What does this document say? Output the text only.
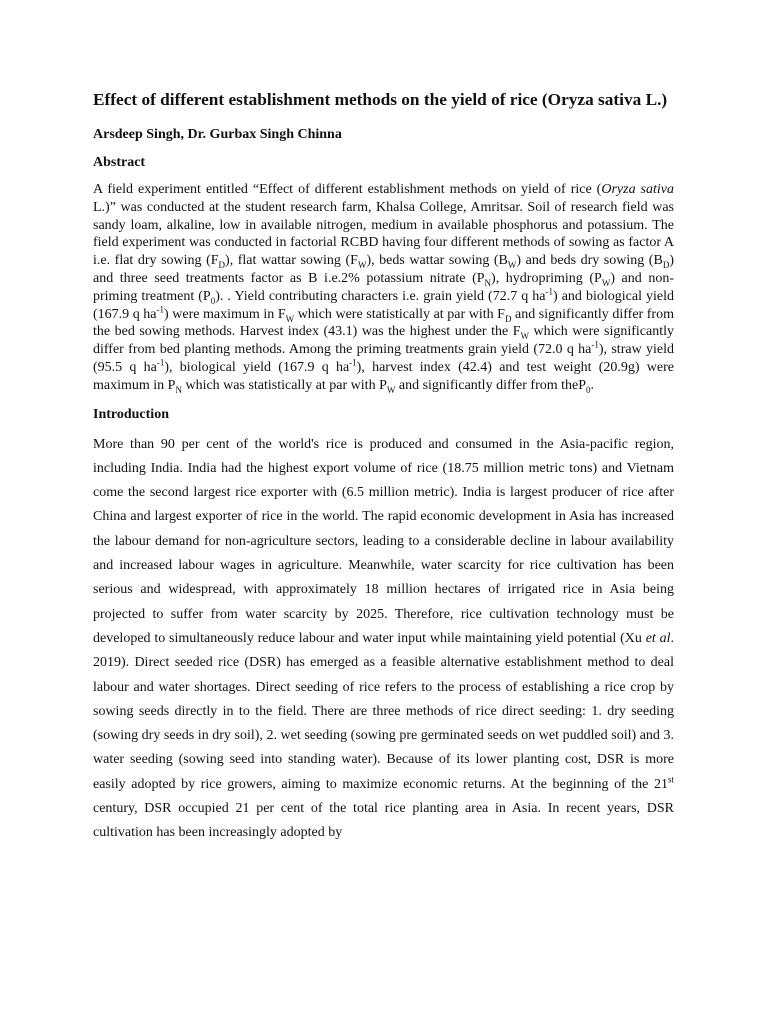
Effect of different establishment methods on the yield of rice (Oryza sativa L.)

Arsdeep Singh, Dr. Gurbax Singh Chinna

Abstract

A field experiment entitled “Effect of different establishment methods on yield of rice (Oryza sativa L.)” was conducted at the student research farm, Khalsa College, Amritsar. Soil of research field was sandy loam, alkaline, low in available nitrogen, medium in available phosphorus and potassium. The field experiment was conducted in factorial RCBD having four different methods of sowing as factor A i.e. flat dry sowing $(F_D)$, flat wattar sowing $(F_W)$, beds wattar sowing $(B_W)$ and beds dry sowing $(B_D)$ and three seed treatments factor as B i.e.2% potassium nitrate $(P_N)$, hydropriming $(P_W)$ and non-priming treatment $(P_0)$. . Yield contributing characters i.e. grain yield (72.7 q $ha^{-1}$) and biological yield (167.9 q $ha^{-1}$) were maximum in $F_W$ which were statistically at par with $F_D$ and significantly differ from the bed sowing methods. Harvest index (43.1) was the highest under the $F_W$ which were significantly differ from bed planting methods. Among the priming treatments grain yield (72.0 q $ha^{-1}$), straw yield (95.5 q $ha^{-1}$), biological yield (167.9 q $ha^{-1}$), harvest index (42.4) and test weight (20.9g) were maximum in $P_N$ which was statistically at par with $P_W$ and significantly differ from theP$_0$.

Introduction

More than 90 per cent of the world's rice is produced and consumed in the Asia-pacific region, including India. India had the highest export volume of rice (18.75 million metric tons) and Vietnam come the second largest rice exporter with (6.5 million metric). India is largest producer of rice after China and largest exporter of rice in the world. The rapid economic development in Asia has increased the labour demand for non-agriculture sectors, leading to a considerable decline in labour availability and increased labour wages in agriculture. Meanwhile, water scarcity for rice cultivation has been serious and widespread, with approximately 18 million hectares of irrigated rice in Asia being projected to suffer from water scarcity by 2025. Therefore, rice cultivation technology must be developed to simultaneously reduce labour and water input while maintaining yield potential (Xu et al. 2019). Direct seeded rice (DSR) has emerged as a feasible alternative establishment method to deal labour and water shortages. Direct seeding of rice refers to the process of establishing a rice crop by sowing seeds directly in to the field. There are three methods of rice direct seeding: 1. dry seeding (sowing dry seeds in dry soil), 2. wet seeding (sowing pre germinated seeds on wet puddled soil) and 3. water seeding (sowing seed into standing water). Because of its lower planting cost, DSR is more easily adopted by rice growers, aiming to maximize economic returns. At the beginning of the 21st century, DSR occupied 21 per cent of the total rice planting area in Asia. In recent years, DSR cultivation has been increasingly adopted by
